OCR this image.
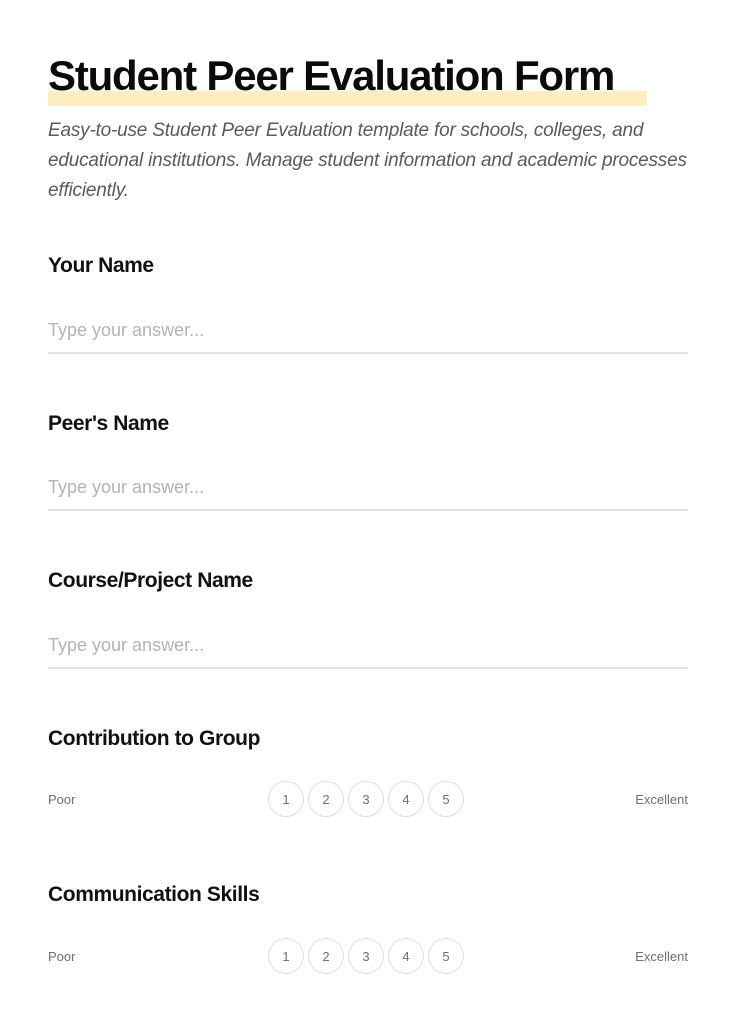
Student Peer Evaluation Form

Easy-to-use Student Peer Evaluation template for schools, colleges, and educational institutions. Manage student information and academic processes efficiently.

Your Name
Type your answer...
Peer's Name
Type your answer...
Course/Project Name
Type your answer...
Contribution to Group
Poor	1	2	3	4	5	Excellent
Communication Skills
Poor	1	2	3	4	5	Excellent
